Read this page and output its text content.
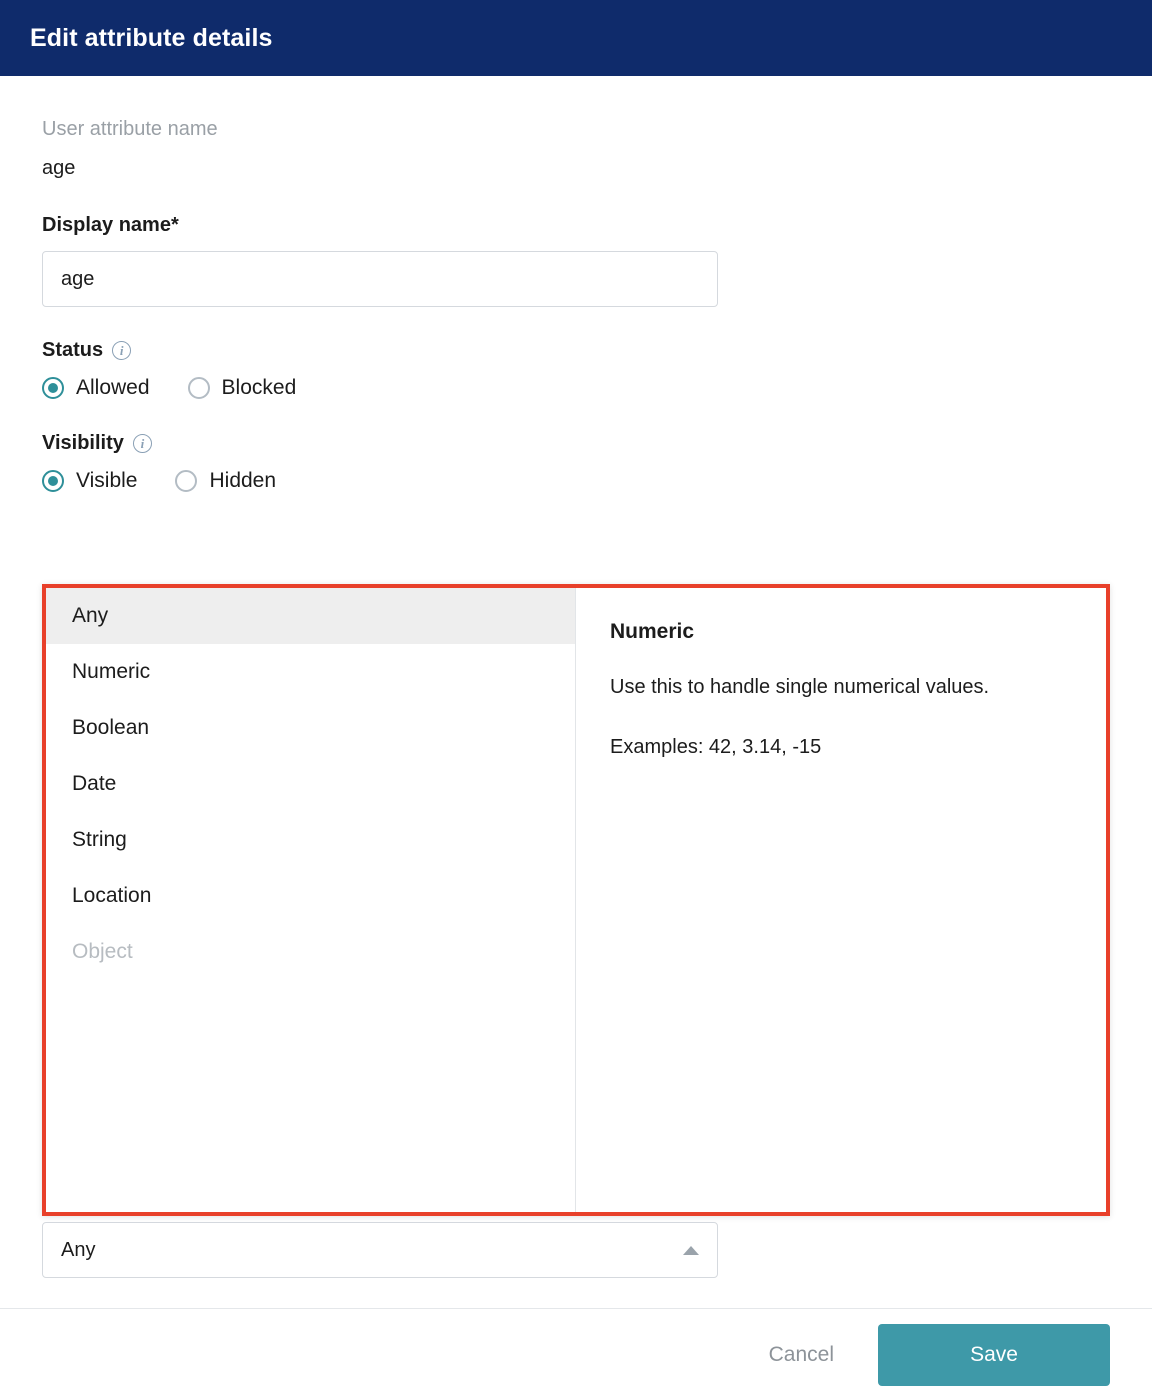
Edit attribute details
User attribute name
age
Display name*
age
Status	i
Allowed	Blocked
Visibility	i
Visible	Hidden
Any
Any
Numeric
Boolean
Date
String
Location
Object
Numeric

Use this to handle single numerical values.

Examples: 42, 3.14, -15

Cancel	Save
